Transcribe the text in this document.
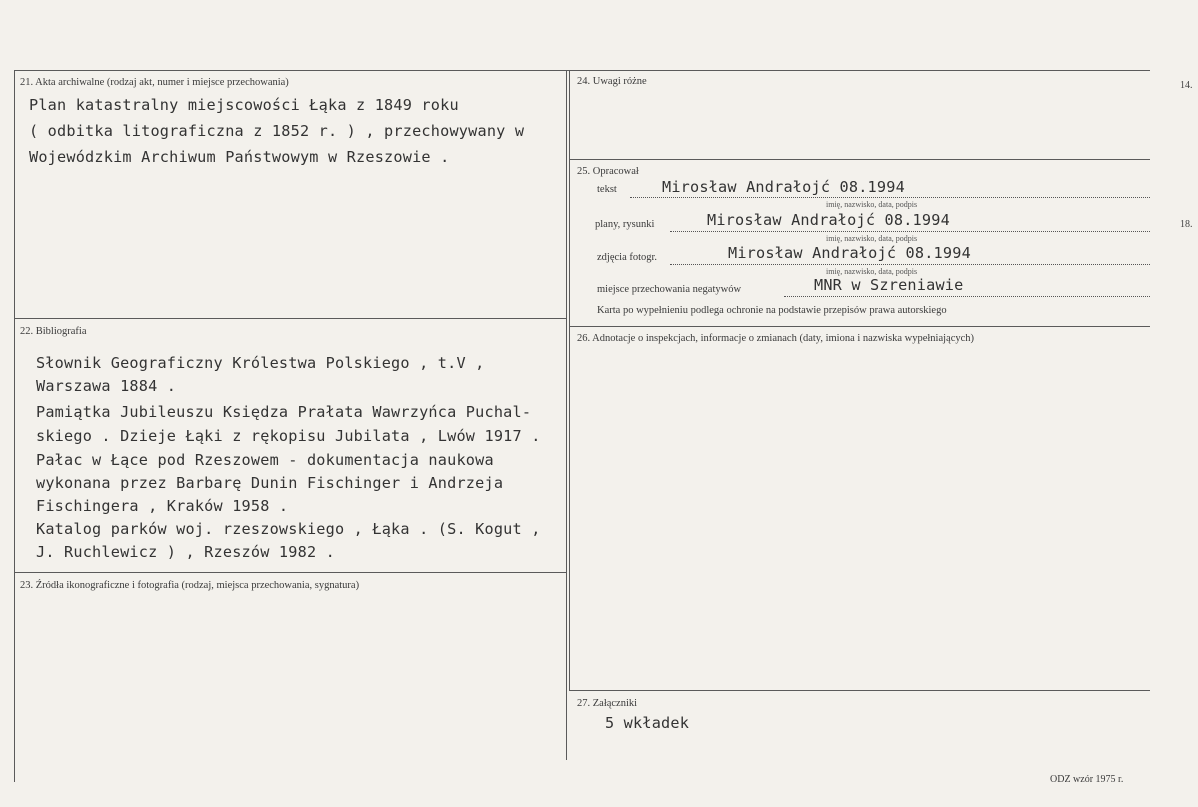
21. Akta archiwalne (rodzaj akt, numer i miejsce przechowania)
Plan katastralny miejscowości Łąka z 1849 roku
( odbitka litograficzna z 1852 r. ) , przechowywany w
Wojewódzkim Archiwum Państwowym w Rzeszowie .
22. Bibliografia
Słownik Geograficzny Królestwa Polskiego , t.V ,
Warszawa 1884 .
Pamiątka Jubileuszu Księdza Prałata Wawrzyńca Puchal-
skiego . Dzieje Łąki z rękopisu Jubilata , Lwów 1917 .
Pałac w Łące pod Rzeszowem - dokumentacja naukowa
wykonana przez Barbarę Dunin Fischinger i Andrzeja
Fischingera , Kraków 1958 .
Katalog parków woj. rzeszowskiego , Łąka . (S. Kogut ,
J. Ruchlewicz ) , Rzeszów 1982 .
23. Źródła ikonograficzne i fotografia (rodzaj, miejsca przechowania, sygnatura)
24. Uwagi różne
25. Opracował
tekst	Mirosław Andrałojć 08.1994
imię, nazwisko, data, podpis
plany, rysunki	Mirosław Andrałojć 08.1994
imię, nazwisko, data, podpis
zdjęcia fotogr.	Mirosław Andrałojć 08.1994
imię, nazwisko, data, podpis
miejsce przechowania negatywów	MNR w Szreniawie
Karta po wypełnieniu podlega ochronie na podstawie przepisów prawa autorskiego
26. Adnotacje o inspekcjach, informacje o zmianach (daty, imiona i nazwiska wypełniających)
27. Załączniki
5 wkładek
ODZ wzór 1975 r.
14.
18.
